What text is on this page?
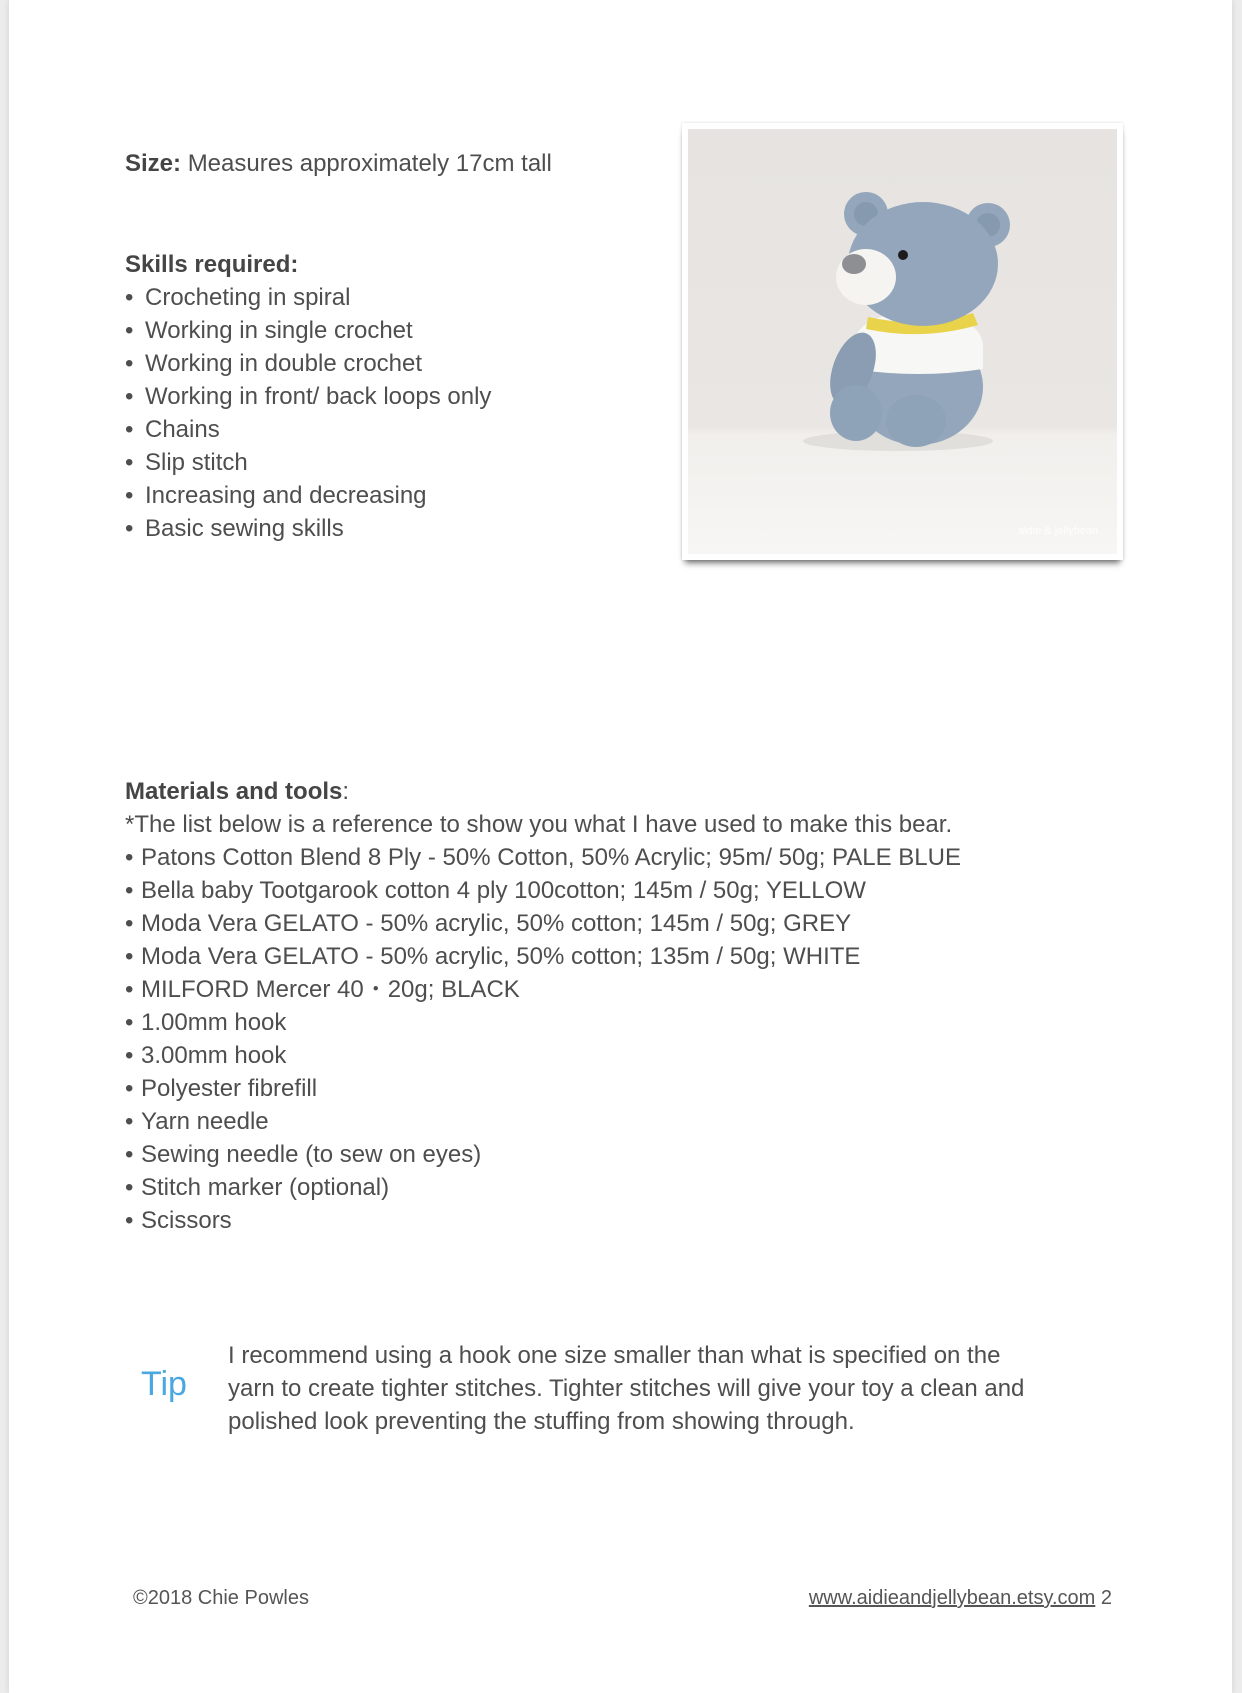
Size: Measures approximately 17cm tall
Skills required:
• Crocheting in spiral
• Working in single crochet
• Working in double crochet
• Working in front/ back loops only
• Chains
• Slip stitch
• Increasing and decreasing
• Basic sewing skills	aidie & jellybean
Materials and tools:
*The list below is a reference to show you what I have used to make this bear.
• Patons Cotton Blend 8 Ply - 50% Cotton, 50% Acrylic; 95m/ 50g; PALE BLUE
• Bella baby Tootgarook cotton 4 ply 100cotton; 145m / 50g; YELLOW
• Moda Vera GELATO - 50% acrylic, 50% cotton; 145m / 50g; GREY
• Moda Vera GELATO - 50% acrylic, 50% cotton; 135m / 50g; WHITE
• MILFORD Mercer 40・20g; BLACK
• 1.00mm hook
• 3.00mm hook
• Polyester fibrefill
• Yarn needle
• Sewing needle (to sew on eyes)
• Stitch marker (optional)
• Scissors
Tip
I recommend using a hook one size smaller than what is specified on the
yarn to create tighter stitches. Tighter stitches will give your toy a clean and
polished look preventing the stuffing from showing through.
©2018 Chie Powles	www.aidieandjellybean.etsy.com 2
